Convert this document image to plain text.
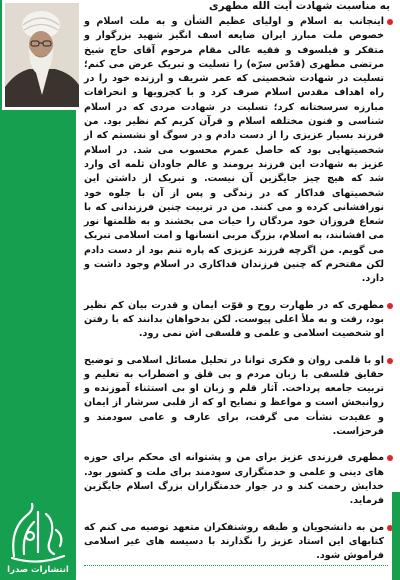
به مناسبت شهادت آیت الله مطهری
اینجانب به اسلام و اولیای عظیم الشأن و به ملت اسلام و خصوص ملت مبارز ایران ضایعه اسف انگیز شهید بزرگوار و متفکر و فیلسوف و فقیه عالی مقام مرحوم آقای حاج شیخ مرتضی مطهری (قدّس سرّه) را تسلیت و تبریک عرض می کنم؛ تسلیت در شهادت شخصیتی که عمر شریف و ارزنده خود را در راه اهداف مقدس اسلام صرف کرد و با کجرویها و انحرافات مبارزه سرسختانه کرد؛ تسلیت در شهادت مردی که در اسلام شناسی و فنون مختلفه اسلام و قرآن کریم کم نظیر بود. من فرزند بسیار عزیزی را از دست دادم و در سوگ او نشستم که از شخصیتهایی بود که حاصل عمرم محسوب می شد. در اسلام عزیز به شهادت این فرزند برومند و عالم جاودان ثلمه ای وارد شد که هیچ چیز جایگزین آن نیست. و تبریک از داشتن این شخصیتهای فداکار که در زندگی و پس از آن با جلوه خود نورافشانی کرده و می کنند. من در تربیت چنین فرزندانی که با شعاع فروزان خود مردگان را حیات می بخشند و به ظلمتها نور می افشانند، به اسلام، بزرگ مربی انسانها و امت اسلامی تبریک می گویم. من اگرچه فرزند عزیزی که پاره تنم بود از دست دادم لکن مفتخرم که چنین فرزندان فداکاری در اسلام وجود داشت و دارد.
مطهری که در طهارت روح و قوّت ایمان و قدرت بیان کم نظیر بود، رفت و به ملأ اعلی پیوست. لکن بدخواهان بدانند که با رفتن او شخصیت اسلامی و علمی و فلسفی اش نمی رود.
او با قلمی روان و فکری توانا در تحلیل مسائل اسلامی و توضیح حقایق فلسفی با زبان مردم و بی قلق و اضطراب به تعلیم و تربیت جامعه پرداخت. آثار قلم و زبان او بی استثناء آموزنده و روانبخش است و مواعظ و نصایح او که از قلبی سرشار از ایمان و عقیدت نشأت می گرفت، برای عارف و عامی سودمند و فرحزاست.
مطهری فرزندی عزیز برای من و پشتوانه ای محکم برای حوزه های دینی و علمی و خدمتگزاری سودمند برای ملت و کشور بود. خدایش رحمت کند و در جوار خدمتگزاران بزرگ اسلام جایگزین فرماید.
من به دانشجویان و طبقه روشنفکران متعهد توصیه می کنم که کتابهای این استاد عزیز را نگذارند با دسیسه های غیر اسلامی فراموش شود.
انتشارات صدرا
